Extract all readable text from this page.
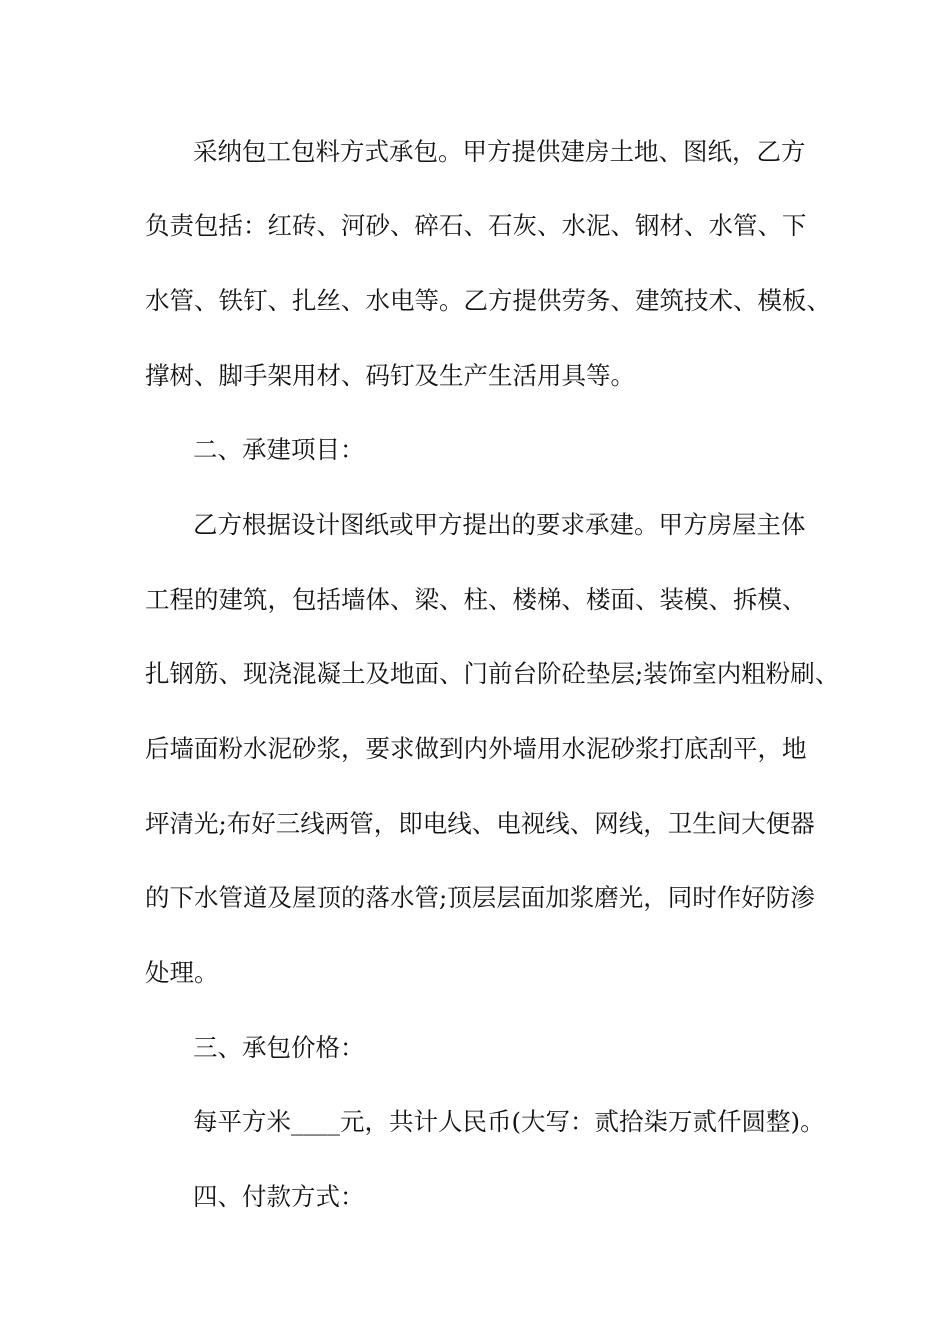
采纳包工包料方式承包。甲方提供建房土地、图纸，乙方
负责包括：红砖、河砂、碎石、石灰、水泥、钢材、水管、下
水管、铁钉、扎丝、水电等。乙方提供劳务、建筑技术、模板、
撑树、脚手架用材、码钉及生产生活用具等。
二、承建项目：
乙方根据设计图纸或甲方提出的要求承建。甲方房屋主体
工程的建筑，包括墙体、梁、柱、楼梯、楼面、装模、拆模、
扎钢筋、现浇混凝土及地面、门前台阶砼垫层;装饰室内粗粉刷、
后墙面粉水泥砂浆，要求做到内外墙用水泥砂浆打底刮平，地
坪清光;布好三线两管，即电线、电视线、网线，卫生间大便器
的下水管道及屋顶的落水管;顶层层面加浆磨光，同时作好防渗
处理。
三、承包价格：
每平方米____元，共计人民币(大写：贰拾柒万贰仟圆整)。
四、付款方式：
